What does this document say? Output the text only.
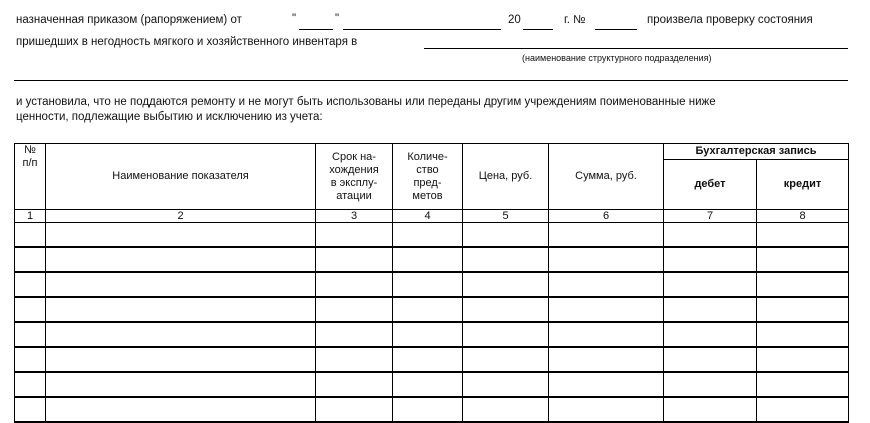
назначенная приказом (рапоряжением) от	"	"	20	г. №	произвела проверку состояния
пришедших в негодность мягкого и хозяйственного инвентаря в
(наименование структурного подразделения)
и установила, что не поддаются ремонту и не могут быть использованы или переданы другим учреждениям поименованные ниже
ценности, подлежащие выбытию и исключению из учета:
№
п/п	Наименование показателя	Срок на-
хождения
в эксплу-
атации	Количе-
ство
пред-
метов	Цена, руб.	Сумма, руб.	Бухгалтерская запись	
						дебет	кредит
1	2	3	4	5	6	7	8
